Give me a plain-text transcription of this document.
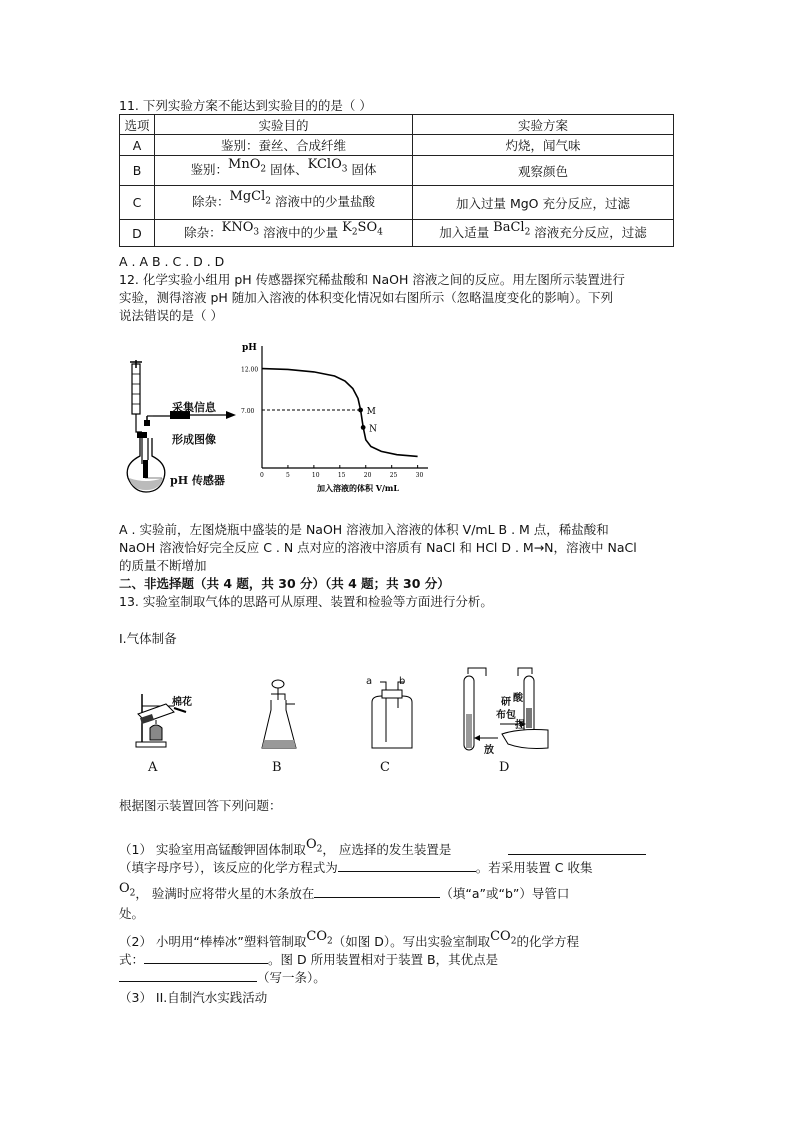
11. 下列实验方案不能达到实验目的的是（ ）
选项	实验目的	实验方案
A	鉴别：蚕丝、合成纤维	灼烧，闻气味
B	鉴别：MnO$_2$ 固体、KClO$_3$ 固体	观察颜色
C	除杂：MgCl$_2$ 溶液中的少量盐酸	加入过量 MgO 充分反应，过滤
D	除杂：$KNO_3$ 溶液中的少量 $K_2SO_4$	加入适量 BaCl$_2$ 溶液充分反应，过滤
A . A B . C . D . D
12. 化学实验小组用 pH 传感器探究稀盐酸和 NaOH 溶液之间的反应。用左图所示装置进行
实验，测得溶液 pH 随加入溶液的体积变化情况如右图所示（忽略温度变化的影响）。下列
说法错误的是（ ）
采集信息
形成图像
pH 传感器
pH
12.00
7.00
0	5	10	15	20	25	30
加入溶液的体积 V/mL
M
N
A . 实验前，左图烧瓶中盛装的是 NaOH 溶液加入溶液的体积 V/mL B . M 点，稀盐酸和
NaOH 溶液恰好完全反应 C . N 点对应的溶液中溶质有 NaCl 和 HCl D . M→N，溶液中 NaCl
的质量不断增加
二、非选择题（共 4 题，共 30 分）（共 4 题；共 30 分）
13. 实验室制取气体的思路可从原理、装置和检验等方面进行分析。
I.气体制备
棉花
a	b
研 酸
布包
捏
放
A	B	C	D
根据图示装置回答下列问题：
（1） 实验室用高锰酸钾固体制取$O_2$， 应选择的发生装置是
（填字母序号），该反应的化学方程式为	。若采用装置 C 收集
$O_2$， 验满时应将带火星的木条放在	（填“a”或“b”）导管口
处。
（2） 小明用“棒棒冰”塑料管制取$CO_2$（如图 D）。写出实验室制取$CO_2$的化学方程
式：	。图 D 所用装置相对于装置 B，其优点是
（写一条）。
（3） II.自制汽水实践活动
